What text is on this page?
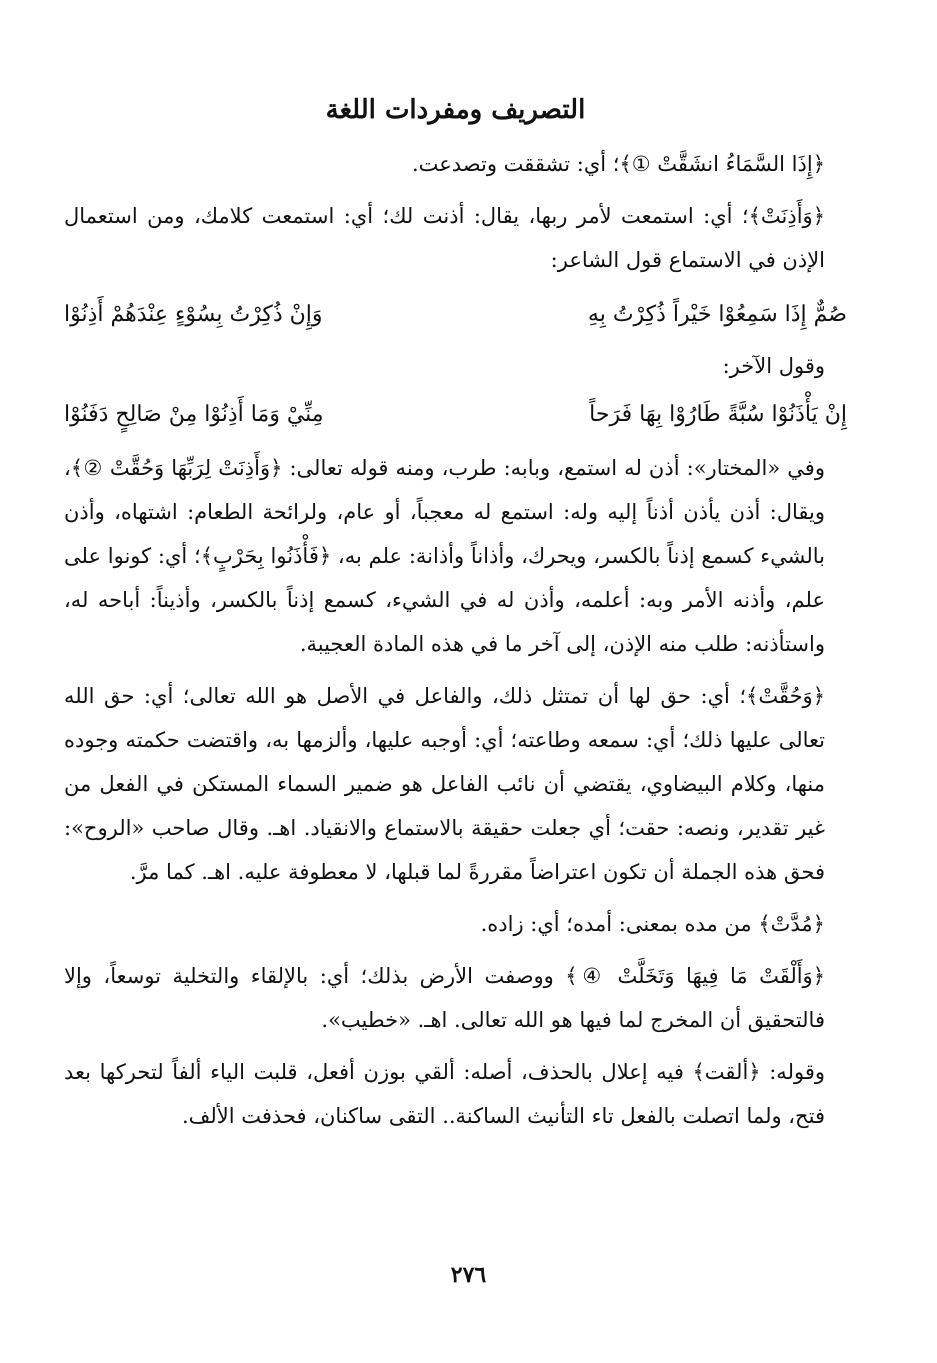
التصريف ومفردات اللغة

﴿إِذَا السَّمَاءُ انشَقَّتْ ①﴾؛ أي: تشققت وتصدعت.

﴿وَأَذِنَتْ﴾؛ أي: استمعت لأمر ربها، يقال: أذنت لك؛ أي: استمعت كلامك، ومن استعمال الإذن في الاستماع قول الشاعر:

صُمٌّ إِذَا سَمِعُوْا خَيْراً ذُكِرْتُ بِهِ
وَإِنْ ذُكِرْتُ بِسُوْءٍ عِنْدَهُمْ أَذِنُوْا

وقول الآخر:

إِنْ يَأْذَنُوْا سُبَّةً طَارُوْا بِهَا فَرَحاً
مِنِّيْ وَمَا أَذِنُوْا مِنْ صَالِحٍ دَفَنُوْا

وفي «المختار»: أذن له استمع، وبابه: طرب، ومنه قوله تعالى: ﴿وَأَذِنَتْ لِرَبِّهَا وَحُقَّتْ ②﴾، ويقال: أذن يأذن أذناً إليه وله: استمع له معجباً، أو عام، ولرائحة الطعام: اشتهاه، وأذن بالشيء كسمع إذناً بالكسر، ويحرك، وأذاناً وأذانة: علم به، ﴿فَأْذَنُوا بِحَرْبٍ﴾؛ أي: كونوا على علم، وأذنه الأمر وبه: أعلمه، وأذن له في الشيء، كسمع إذناً بالكسر، وأذيناً: أباحه له، واستأذنه: طلب منه الإذن، إلى آخر ما في هذه المادة العجيبة.

﴿وَحُقَّتْ﴾؛ أي: حق لها أن تمتثل ذلك، والفاعل في الأصل هو الله تعالى؛ أي: حق الله تعالى عليها ذلك؛ أي: سمعه وطاعته؛ أي: أوجبه عليها، وألزمها به، واقتضت حكمته وجوده منها، وكلام البيضاوي، يقتضي أن نائب الفاعل هو ضمير السماء المستكن في الفعل من غير تقدير، ونصه: حقت؛ أي جعلت حقيقة بالاستماع والانقياد. اهـ. وقال صاحب «الروح»: فحق هذه الجملة أن تكون اعتراضاً مقررةً لما قبلها، لا معطوفة عليه. اهـ. كما مرَّ.

﴿مُدَّتْ﴾ من مده بمعنى: أمده؛ أي: زاده.

﴿وَأَلْقَتْ مَا فِيهَا وَتَخَلَّتْ ④﴾ ووصفت الأرض بذلك؛ أي: بالإلقاء والتخلية توسعاً، وإلا فالتحقيق أن المخرج لما فيها هو الله تعالى. اهـ. «خطيب».

وقوله: ﴿ألقت﴾ فيه إعلال بالحذف، أصله: ألقي بوزن أفعل، قلبت الياء ألفاً لتحركها بعد فتح، ولما اتصلت بالفعل تاء التأنيث الساكنة.. التقى ساكنان، فحذفت الألف.

٢٧٦
